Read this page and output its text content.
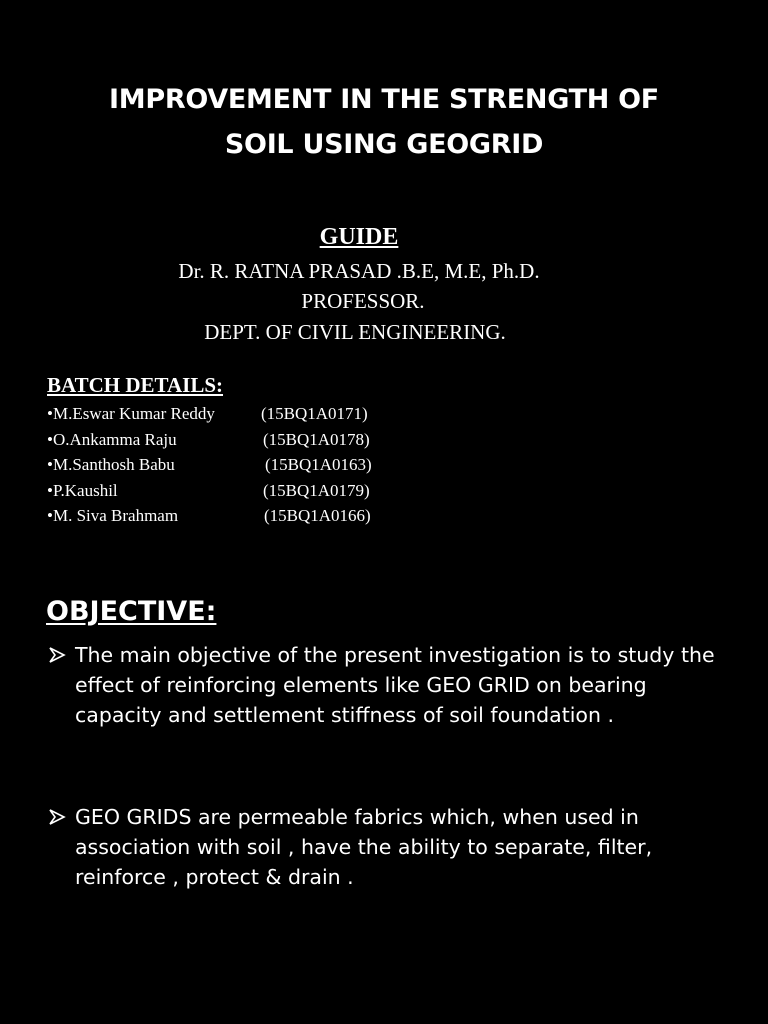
IMPROVEMENT IN THE STRENGTH OF
SOIL USING GEOGRID
GUIDE
Dr. R. RATNA PRASAD .B.E, M.E, Ph.D.
PROFESSOR.
DEPT. OF CIVIL ENGINEERING.
BATCH DETAILS:
•M.Eswar Kumar Reddy	(15BQ1A0171)
•O.Ankamma Raju	(15BQ1A0178)
•M.Santhosh Babu	(15BQ1A0163)
•P.Kaushil	(15BQ1A0179)
•M. Siva Brahmam	(15BQ1A0166)
OBJECTIVE:
The main objective of the present investigation is to study the effect of reinforcing elements like GEO GRID on bearing capacity and settlement stiffness of soil foundation .
GEO GRIDS are permeable fabrics which, when used in association with soil , have the ability to separate, filter, reinforce , protect & drain .
